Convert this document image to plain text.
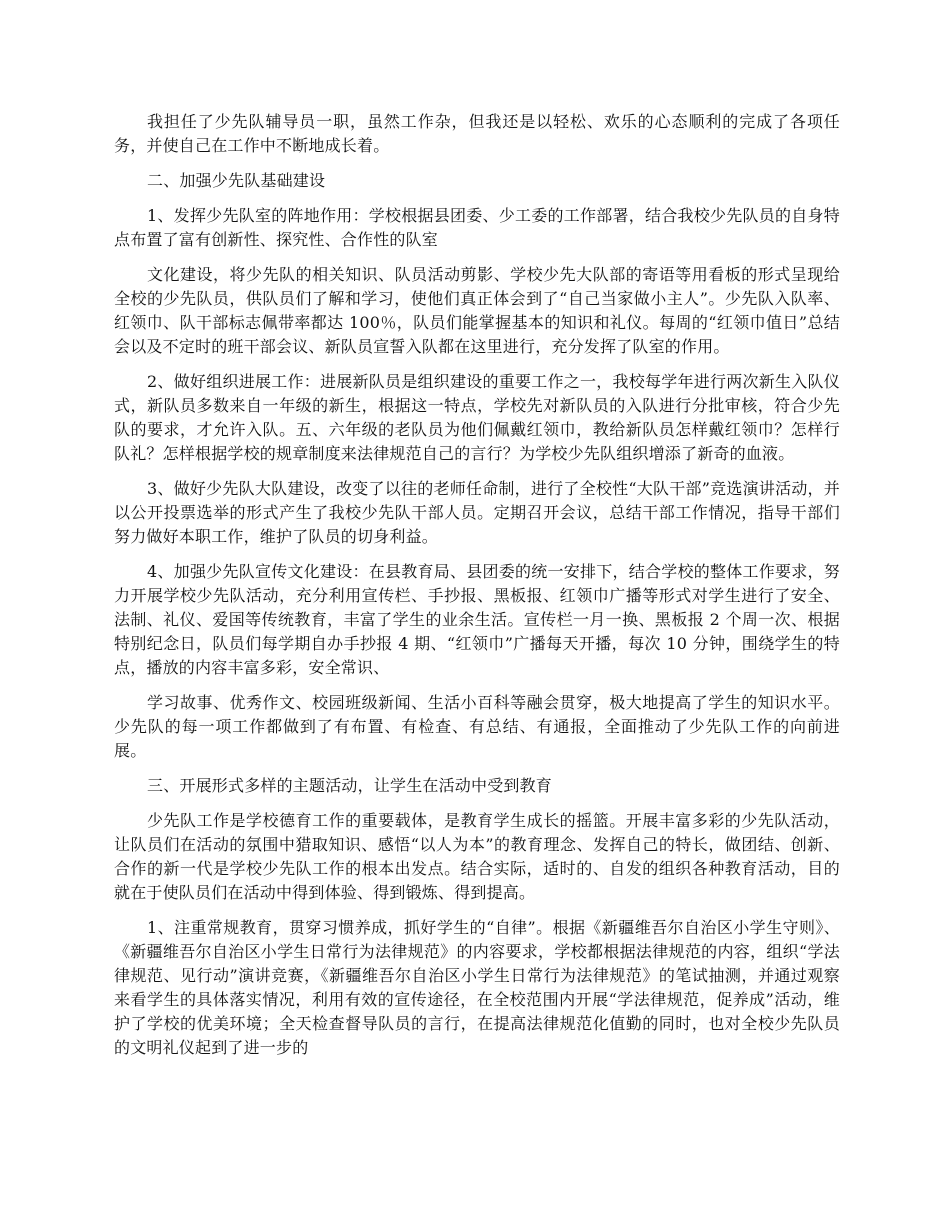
我担任了少先队辅导员一职，虽然工作杂，但我还是以轻松、欢乐的心态顺利的完成了各项任务，并使自己在工作中不断地成长着。

二、加强少先队基础建设

1、发挥少先队室的阵地作用：学校根据县团委、少工委的工作部署，结合我校少先队员的自身特点布置了富有创新性、探究性、合作性的队室

文化建设，将少先队的相关知识、队员活动剪影、学校少先大队部的寄语等用看板的形式呈现给全校的少先队员，供队员们了解和学习，使他们真正体会到了“自己当家做小主人”。少先队入队率、红领巾、队干部标志佩带率都达 100％，队员们能掌握基本的知识和礼仪。每周的“红领巾值日”总结会以及不定时的班干部会议、新队员宣誓入队都在这里进行，充分发挥了队室的作用。

2、做好组织进展工作：进展新队员是组织建设的重要工作之一，我校每学年进行两次新生入队仪式，新队员多数来自一年级的新生，根据这一特点，学校先对新队员的入队进行分批审核，符合少先队的要求，才允许入队。五、六年级的老队员为他们佩戴红领巾，教给新队员怎样戴红领巾？怎样行队礼？怎样根据学校的规章制度来法律规范自己的言行？为学校少先队组织增添了新奇的血液。

3、做好少先队大队建设，改变了以往的老师任命制，进行了全校性“大队干部”竞选演讲活动，并以公开投票选举的形式产生了我校少先队干部人员。定期召开会议，总结干部工作情况，指导干部们努力做好本职工作，维护了队员的切身利益。

4、加强少先队宣传文化建设：在县教育局、县团委的统一安排下，结合学校的整体工作要求，努力开展学校少先队活动，充分利用宣传栏、手抄报、黑板报、红领巾广播等形式对学生进行了安全、法制、礼仪、爱国等传统教育，丰富了学生的业余生活。宣传栏一月一换、黑板报 2 个周一次、根据特别纪念日，队员们每学期自办手抄报 4 期、“红领巾”广播每天开播，每次 10 分钟，围绕学生的特点，播放的内容丰富多彩，安全常识、

学习故事、优秀作文、校园班级新闻、生活小百科等融会贯穿，极大地提高了学生的知识水平。少先队的每一项工作都做到了有布置、有检查、有总结、有通报，全面推动了少先队工作的向前进展。

三、开展形式多样的主题活动，让学生在活动中受到教育

少先队工作是学校德育工作的重要载体，是教育学生成长的摇篮。开展丰富多彩的少先队活动，让队员们在活动的氛围中猎取知识、感悟“以人为本”的教育理念、发挥自己的特长，做团结、创新、合作的新一代是学校少先队工作的根本出发点。结合实际，适时的、自发的组织各种教育活动，目的就在于使队员们在活动中得到体验、得到锻炼、得到提高。

1、注重常规教育，贯穿习惯养成，抓好学生的“自律”。根据《新疆维吾尔自治区小学生守则》、《新疆维吾尔自治区小学生日常行为法律规范》的内容要求，学校都根据法律规范的内容，组织“学法律规范、见行动”演讲竞赛，《新疆维吾尔自治区小学生日常行为法律规范》的笔试抽测，并通过观察来看学生的具体落实情况，利用有效的宣传途径，在全校范围内开展“学法律规范，促养成”活动，维护了学校的优美环境；全天检查督导队员的言行，在提高法律规范化值勤的同时，也对全校少先队员的文明礼仪起到了进一步的
